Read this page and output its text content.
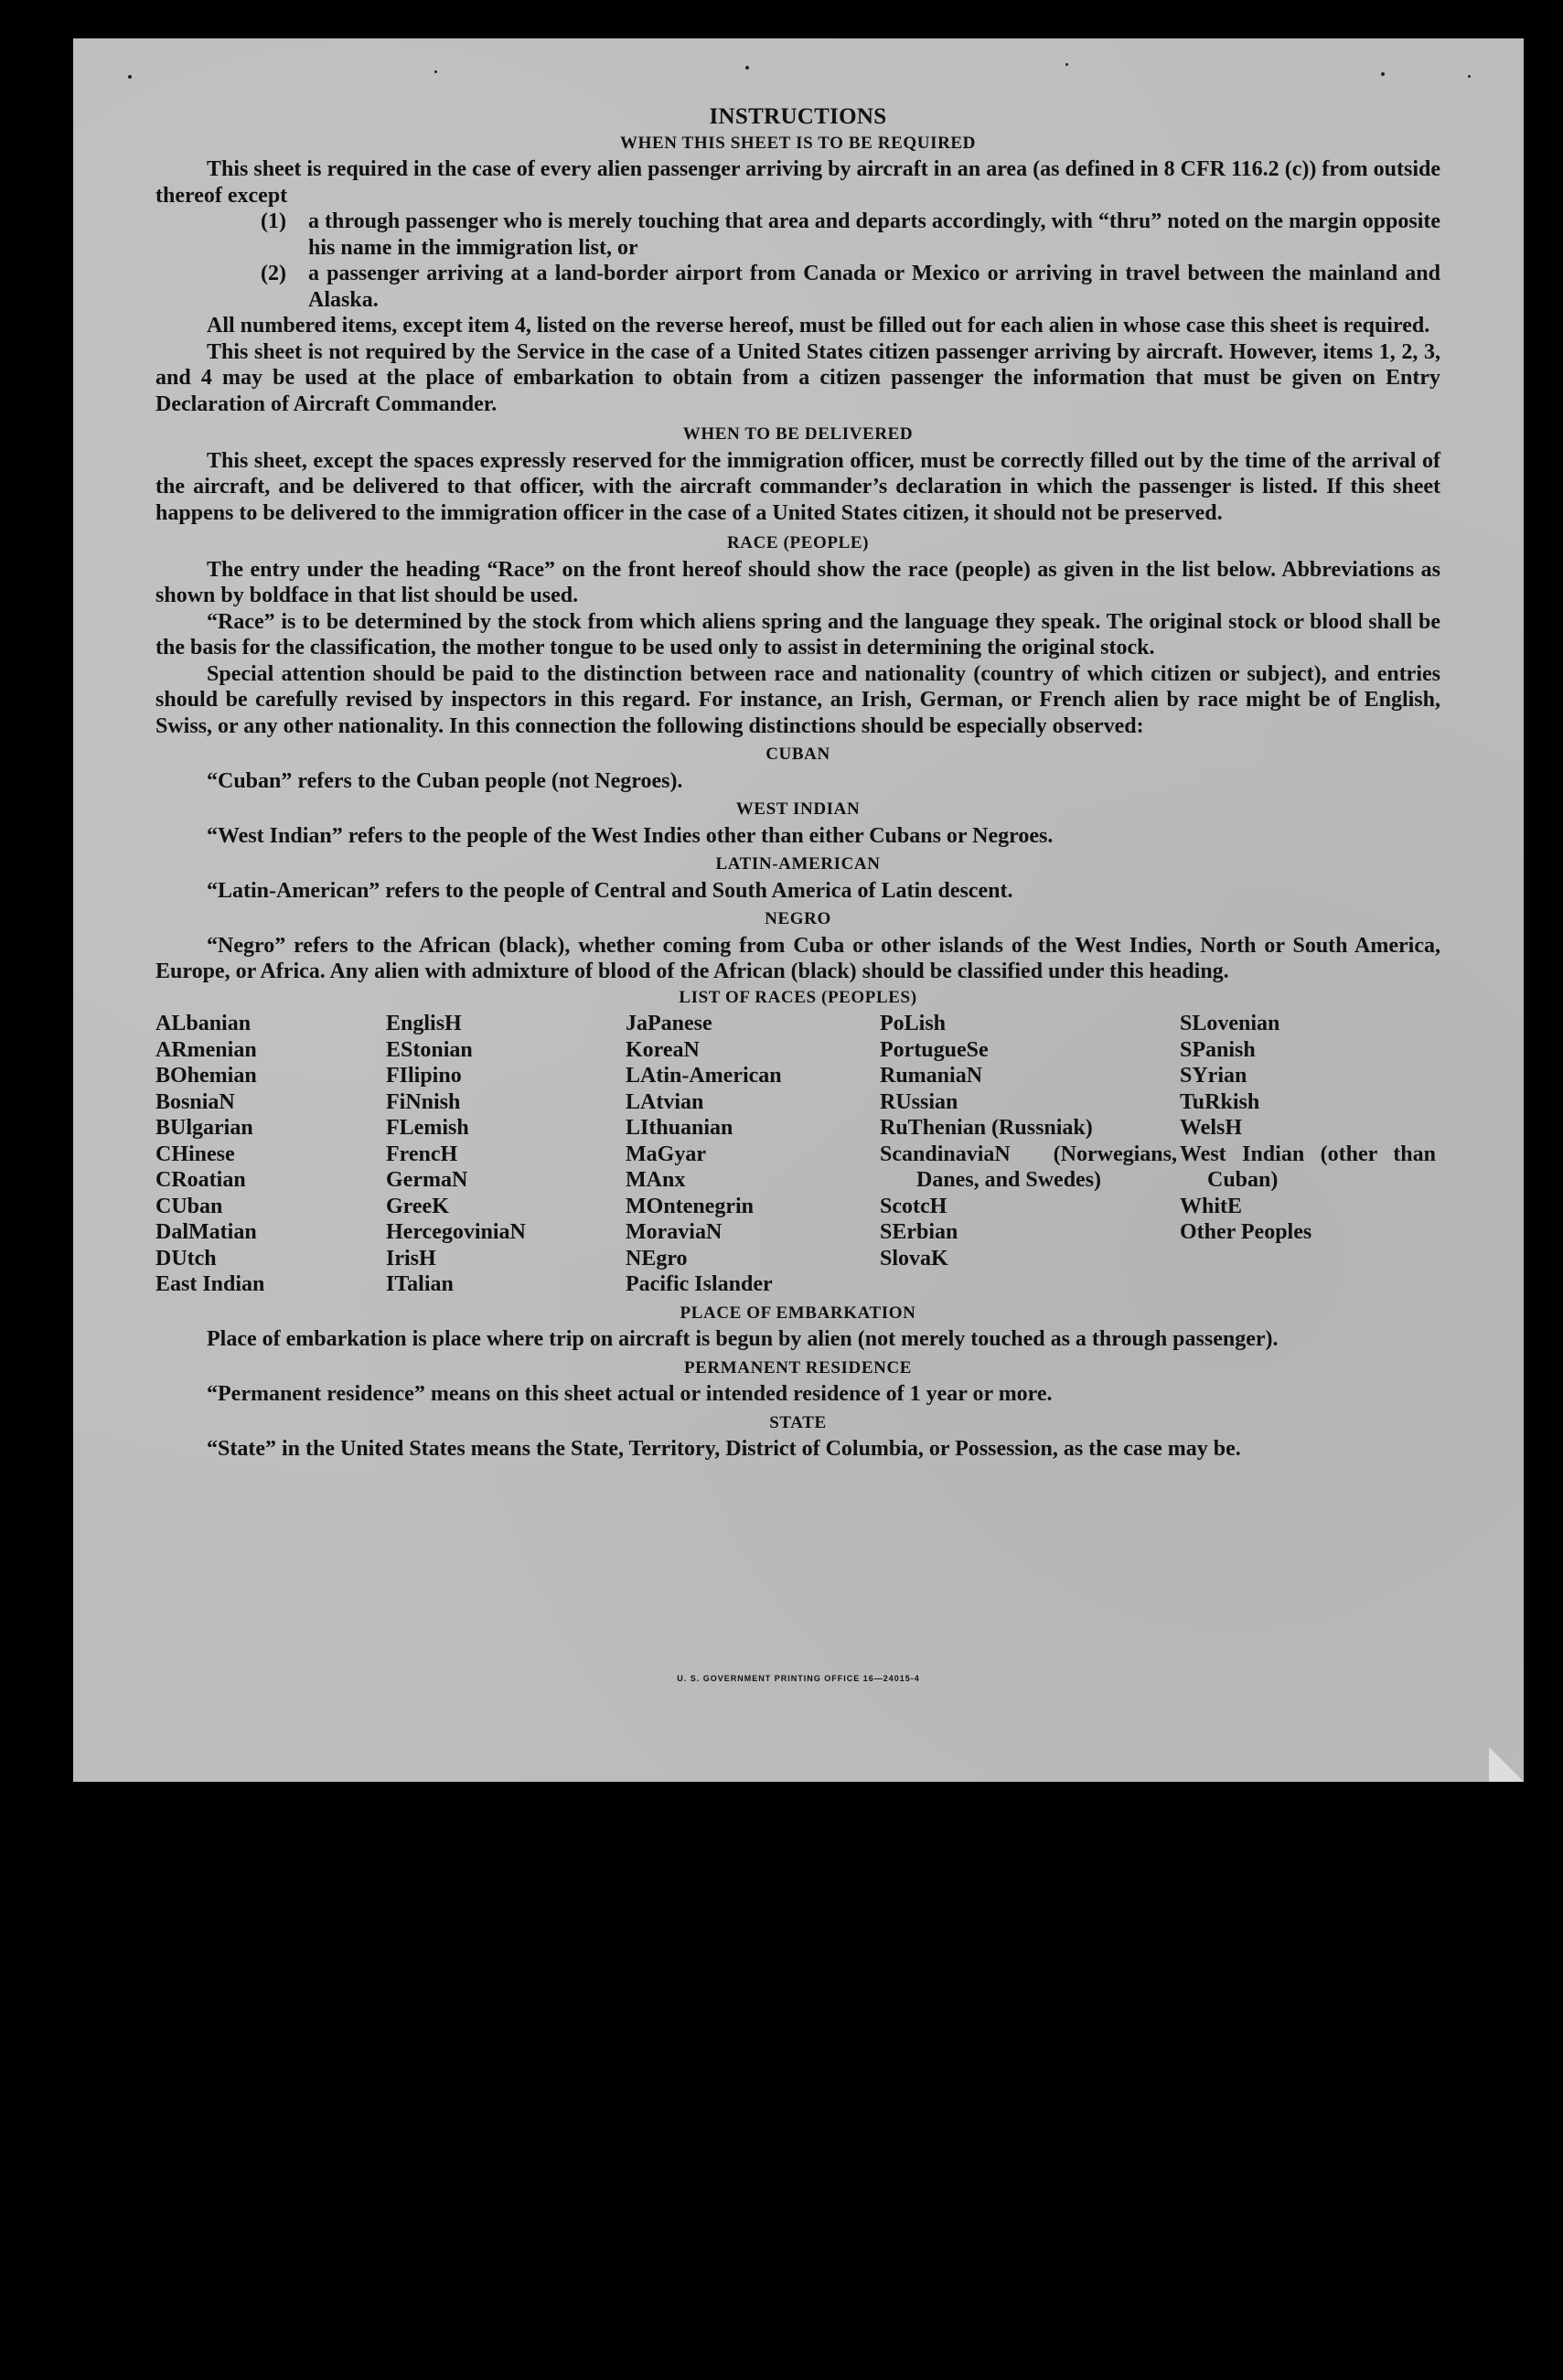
INSTRUCTIONS
WHEN THIS SHEET IS TO BE REQUIRED

This sheet is required in the case of every alien passenger arriving by aircraft in an area (as defined in 8 CFR 116.2 (c)) from outside thereof except

(1)	a through passenger who is merely touching that area and departs accordingly, with “thru” noted on the margin opposite his name in the immigration list, or
(2)	a passenger arriving at a land-border airport from Canada or Mexico or arriving in travel between the mainland and Alaska.

All numbered items, except item 4, listed on the reverse hereof, must be filled out for each alien in whose case this sheet is required.

This sheet is not required by the Service in the case of a United States citizen passenger arriving by aircraft. However, items 1, 2, 3, and 4 may be used at the place of embarkation to obtain from a citizen passenger the information that must be given on Entry Declaration of Aircraft Commander.

WHEN TO BE DELIVERED

This sheet, except the spaces expressly reserved for the immigration officer, must be correctly filled out by the time of the arrival of the aircraft, and be delivered to that officer, with the aircraft commander’s declaration in which the passenger is listed. If this sheet happens to be delivered to the immigration officer in the case of a United States citizen, it should not be preserved.

RACE (PEOPLE)

The entry under the heading “Race” on the front hereof should show the race (people) as given in the list below. Abbreviations as shown by boldface in that list should be used.

“Race” is to be determined by the stock from which aliens spring and the language they speak. The original stock or blood shall be the basis for the classification, the mother tongue to be used only to assist in determining the original stock.

Special attention should be paid to the distinction between race and nationality (country of which citizen or subject), and entries should be carefully revised by inspectors in this regard. For instance, an Irish, German, or French alien by race might be of English, Swiss, or any other nationality. In this connection the following distinctions should be especially observed:

CUBAN

“Cuban” refers to the Cuban people (not Negroes).

WEST INDIAN

“West Indian” refers to the people of the West Indies other than either Cubans or Negroes.

LATIN-AMERICAN

“Latin-American” refers to the people of Central and South America of Latin descent.

NEGRO

“Negro” refers to the African (black), whether coming from Cuba or other islands of the West Indies, North or South America, Europe, or Africa. Any alien with admixture of blood of the African (black) should be classified under this heading.

LIST OF RACES (PEOPLES)
ALbanian
ARmenian
BOhemian
BosniaN
BUlgarian
CHinese
CRoatian
CUban
DalMatian
DUtch
East Indian
EnglisH
EStonian
FIlipino
FiNnish
FLemish
FrencH
GermaN
GreeK
HercegoviniaN
IrisH
ITalian
JaPanese
KoreaN
LAtin-American
LAtvian
LIthuanian
MaGyar
MAnx
MOntenegrin
MoraviaN
NEgro
Pacific Islander
PoLish
PortugueSe
RumaniaN
RUssian
RuThenian (Russniak)
ScandinaviaN (Norwegians, Danes, and Swedes)
ScotcH
SErbian
SlovaK
SLovenian
SPanish
SYrian
TuRkish
WelsH
West Indian (other than Cuban)
WhitE
Other Peoples
PLACE OF EMBARKATION

Place of embarkation is place where trip on aircraft is begun by alien (not merely touched as a through passenger).

PERMANENT RESIDENCE

“Permanent residence” means on this sheet actual or intended residence of 1 year or more.

STATE

“State” in the United States means the State, Territory, District of Columbia, or Possession, as the case may be.

U. S. GOVERNMENT PRINTING OFFICE 16—24015-4
